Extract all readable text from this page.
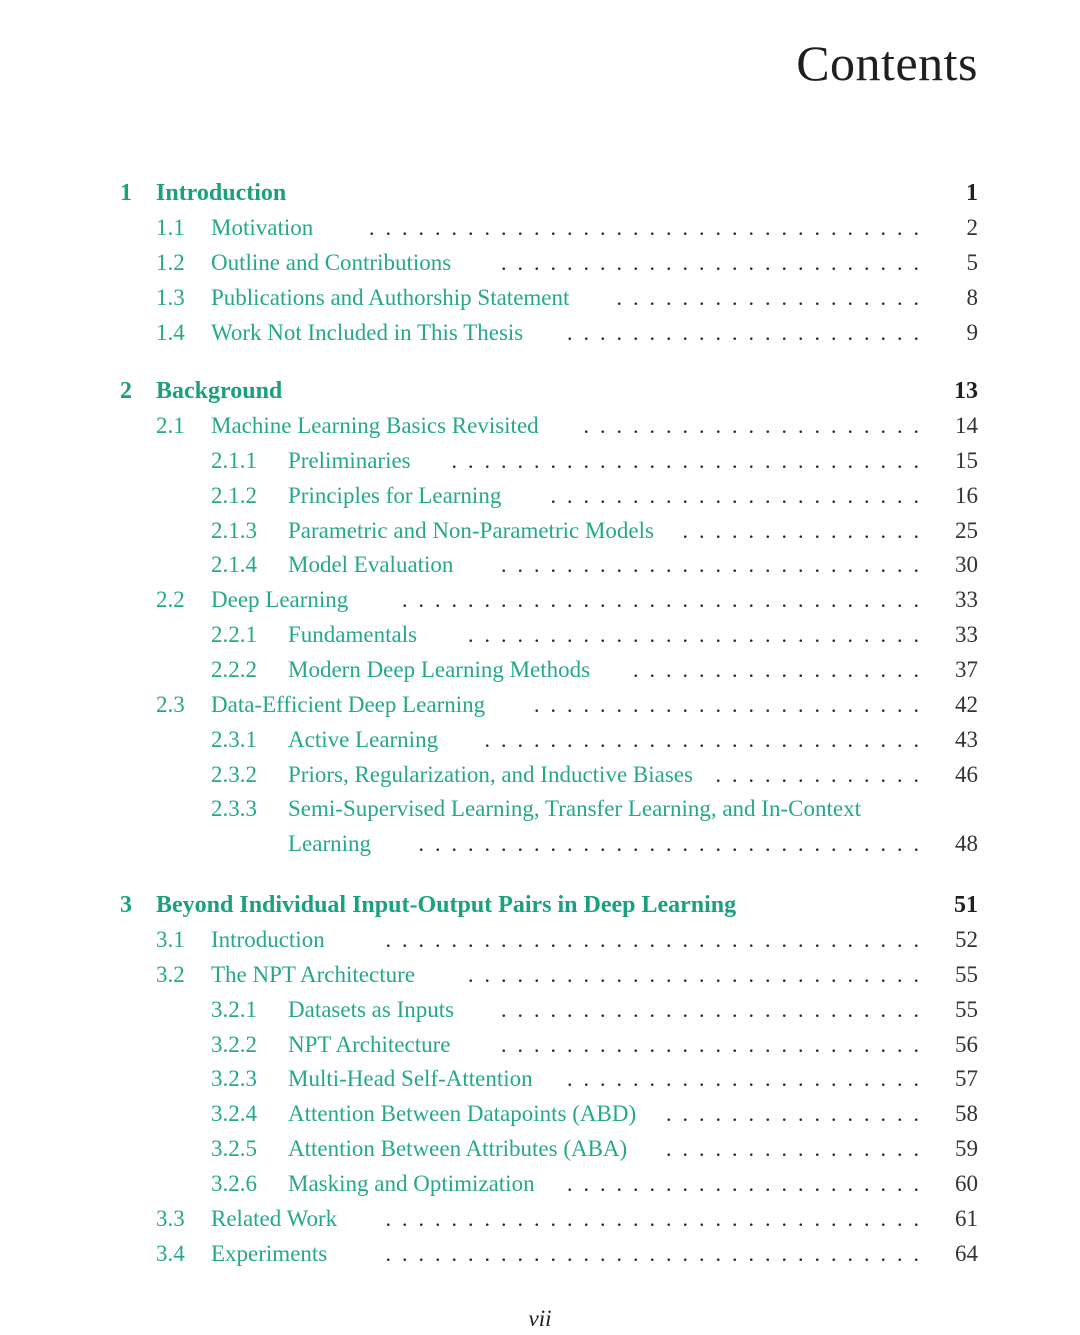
Contents
1 Introduction	1
1.1 Motivation	2
..................................
1.2 Outline and Contributions	5
..........................
1.3 Publications and Authorship Statement	8
...................
1.4 Work Not Included in This Thesis	9
......................
2 Background	13
2.1 Machine Learning Basics Revisited	14
.....................
2.1.1 Preliminaries	15
.............................
2.1.2 Principles for Learning	16
.......................
2.1.3 Parametric and Non-Parametric Models	25
...............
2.1.4 Model Evaluation	30
..........................
2.2 Deep Learning	33
................................
2.2.1 Fundamentals	33
............................
2.2.2 Modern Deep Learning Methods	37
..................
2.3 Data-Efficient Deep Learning	42
........................
2.3.1 Active Learning	43
...........................
2.3.2 Priors, Regularization, and Inductive Biases	46
.............
2.3.3 Semi-Supervised Learning, Transfer Learning, and In-Context
Learning	48
...............................
3 Beyond Individual Input-Output Pairs in Deep Learning	51
3.1 Introduction	52
.................................
3.2 The NPT Architecture	55
............................
3.2.1 Datasets as Inputs	55
..........................
3.2.2 NPT Architecture	56
..........................
3.2.3 Multi-Head Self-Attention	57
......................
3.2.4 Attention Between Datapoints (ABD)	58
................
3.2.5 Attention Between Attributes (ABA)	59
................
3.2.6 Masking and Optimization	60
......................
3.3 Related Work	61
.................................
3.4 Experiments	64
.................................
vii
